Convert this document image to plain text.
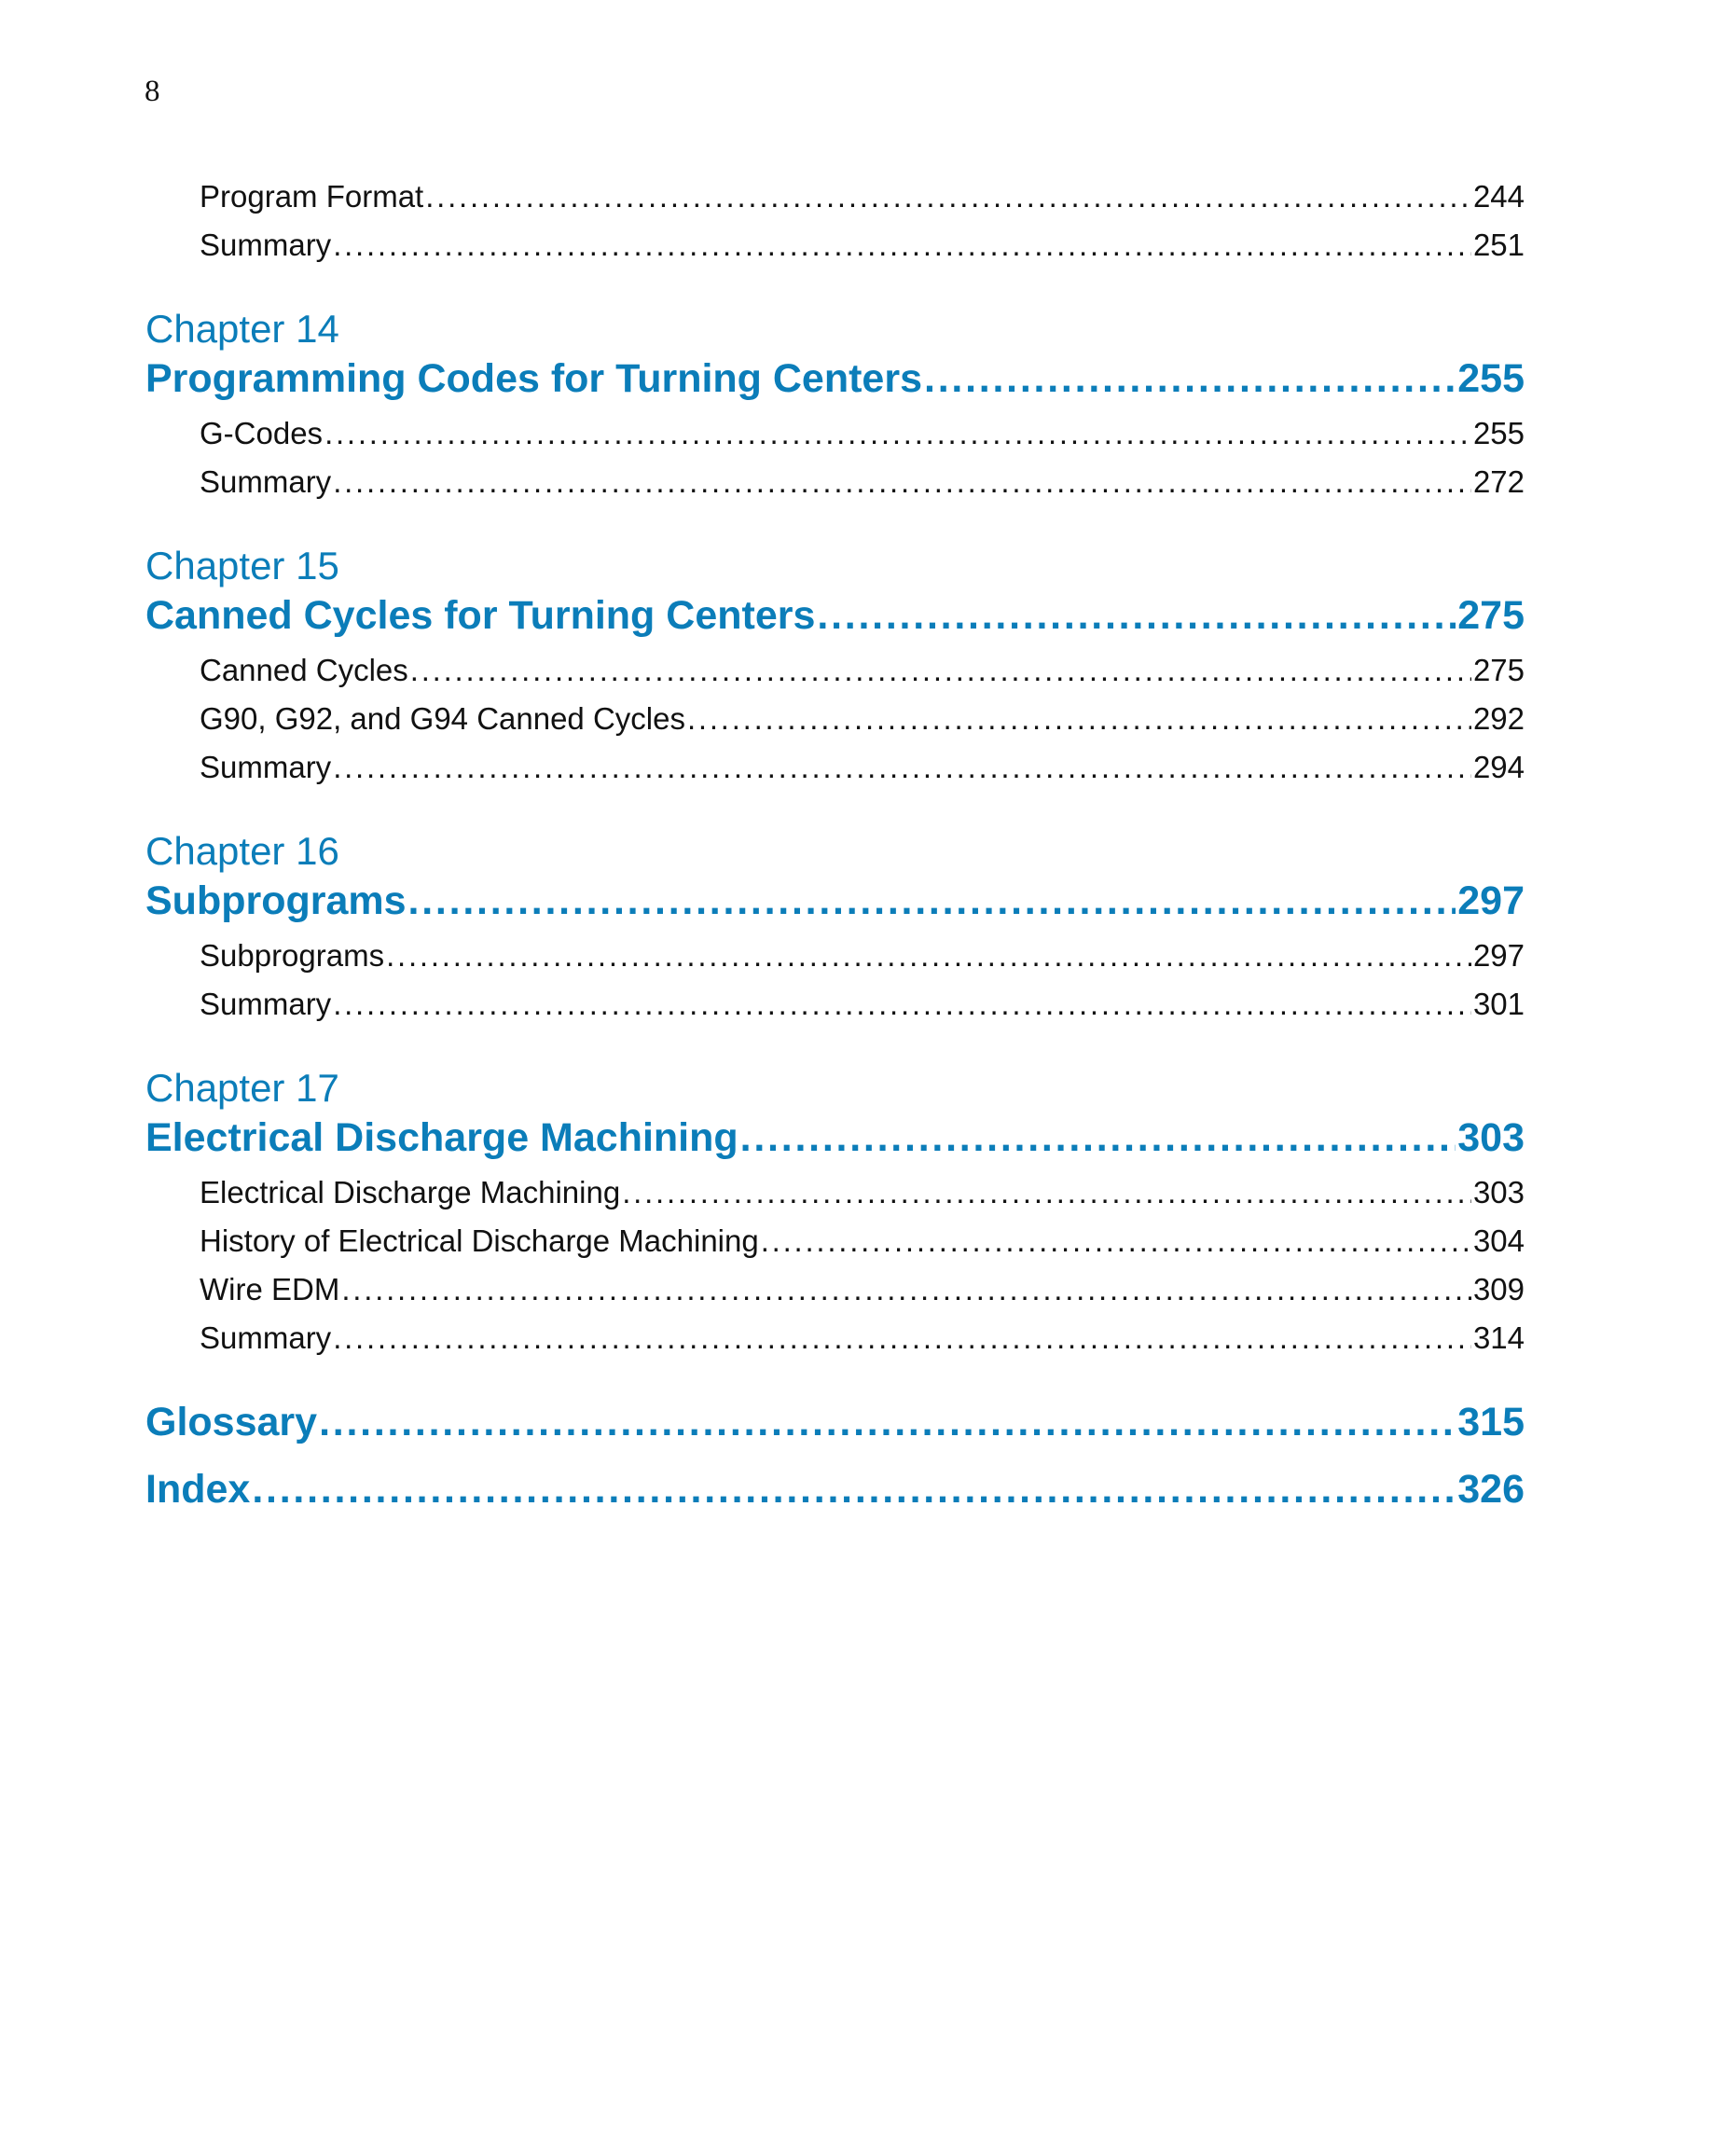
8
Program Format . . .	244
Summary . . .	251
Chapter 14
Programming Codes for Turning Centers . . .	255
G-Codes . . .	255
Summary . . .	272
Chapter 15
Canned Cycles for Turning Centers . . .	275
Canned Cycles . . .	275
G90, G92, and G94 Canned Cycles . . .	292
Summary . . .	294
Chapter 16
Subprograms . . .	297
Subprograms . . .	297
Summary . . .	301
Chapter 17
Electrical Discharge Machining . . .	303
Electrical Discharge Machining . . .	303
History of Electrical Discharge Machining . . .	304
Wire EDM . . .	309
Summary . . .	314
Glossary . . .	315
Index . . .	326
